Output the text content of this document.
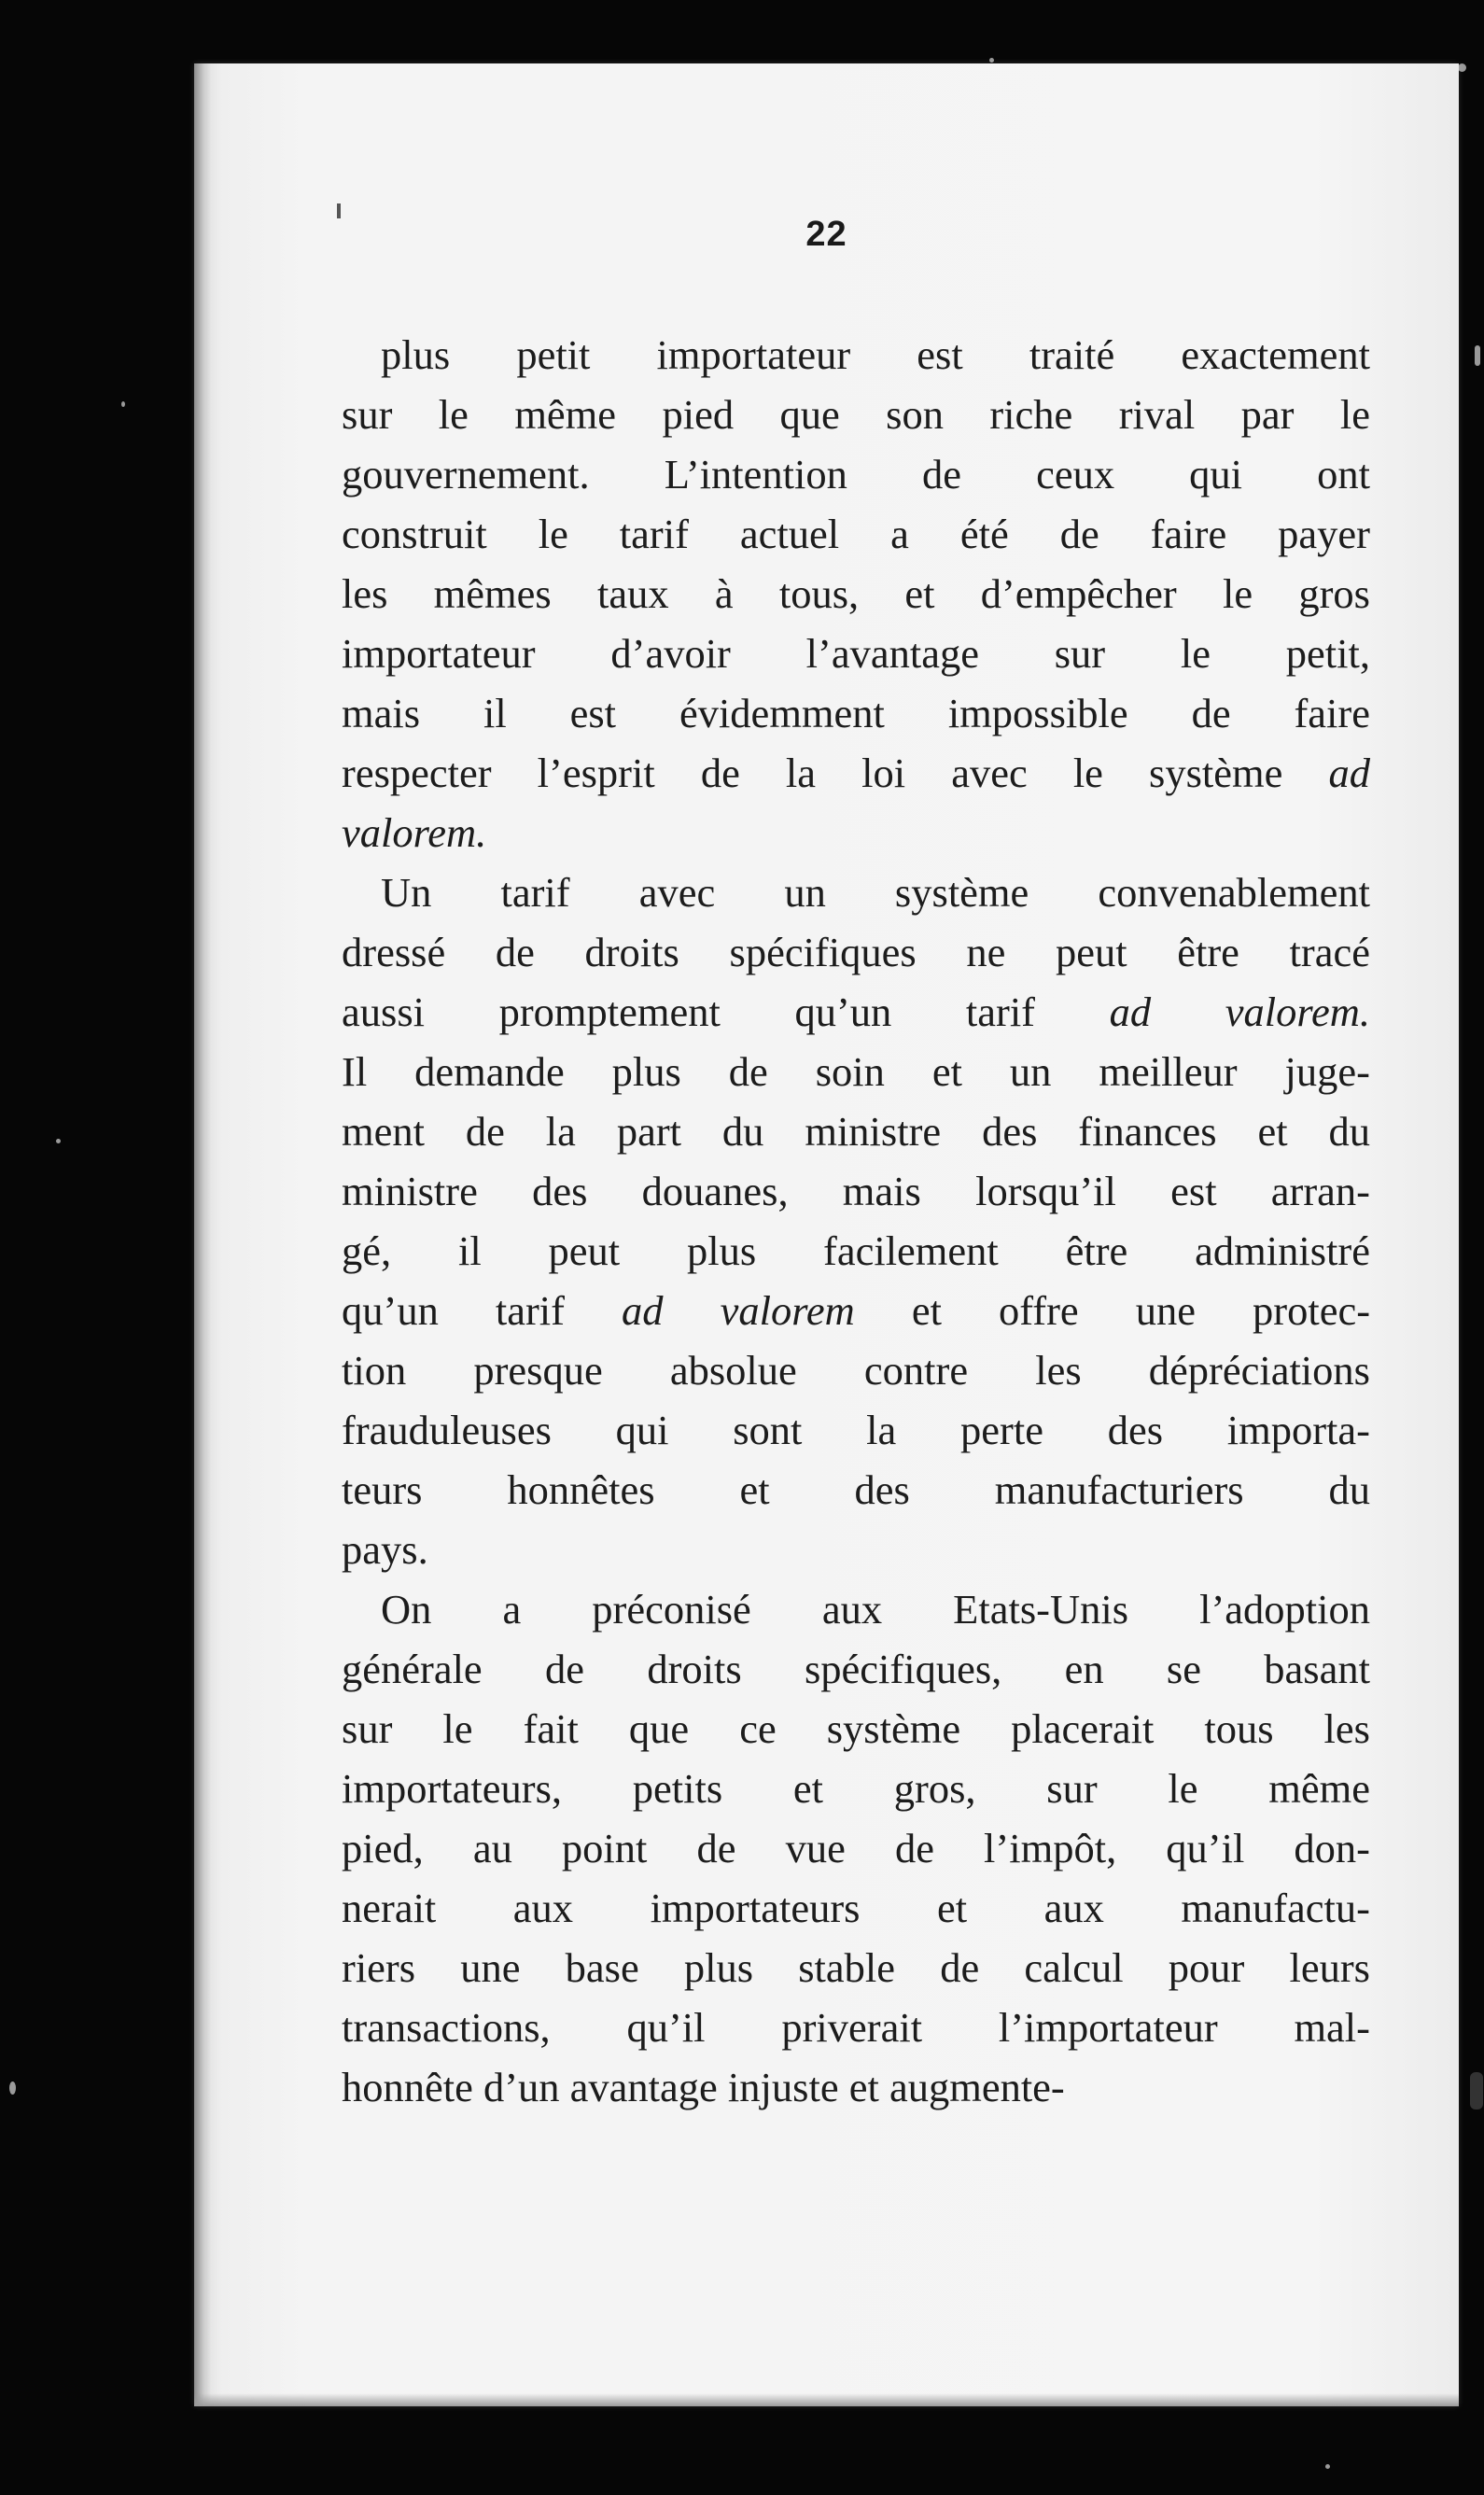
22
plus petit importateur est traité exactement
sur le même pied que son riche rival par le
gouvernement. L’intention de ceux qui ont
construit le tarif actuel a été de faire payer
les mêmes taux à tous, et d’empêcher le gros
importateur d’avoir l’avantage sur le petit,
mais il est évidemment impossible de faire
respecter l’esprit de la loi avec le système ad
valorem.
Un tarif avec un système convenablement
dressé de droits spécifiques ne peut être tracé
aussi promptement qu’un tarif ad valorem.
Il demande plus de soin et un meilleur juge-
ment de la part du ministre des finances et du
ministre des douanes, mais lorsqu’il est arran-
gé, il peut plus facilement être administré
qu’un tarif ad valorem et offre une protec-
tion presque absolue contre les dépréciations
frauduleuses qui sont la perte des importa-
teurs honnêtes et des manufacturiers du
pays.
On a préconisé aux Etats-Unis l’adoption
générale de droits spécifiques, en se basant
sur le fait que ce système placerait tous les
importateurs, petits et gros, sur le même
pied, au point de vue de l’impôt, qu’il don-
nerait aux importateurs et aux manufactu-
riers une base plus stable de calcul pour leurs
transactions, qu’il priverait l’importateur mal-
honnête d’un avantage injuste et augmente-
